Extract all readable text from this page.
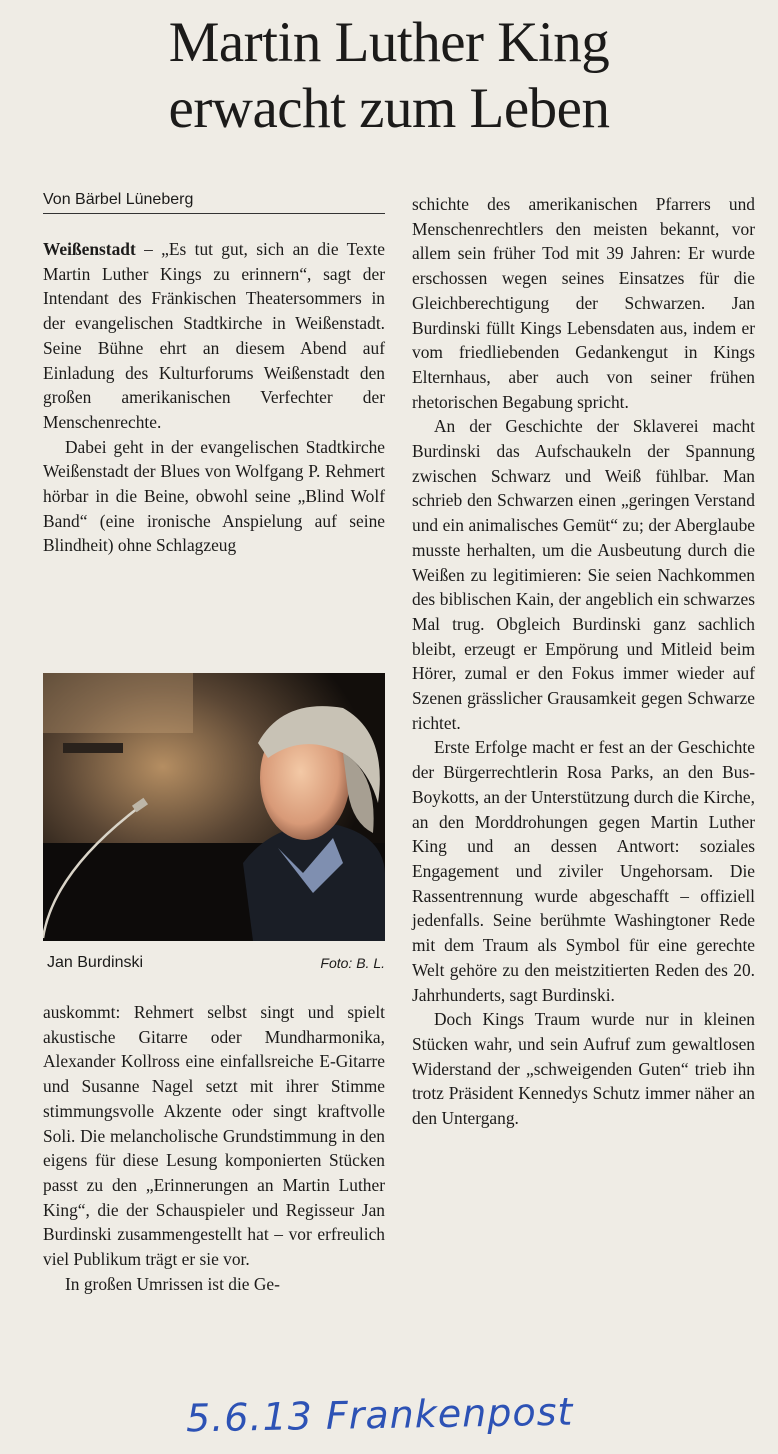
Martin Luther King
erwacht zum Leben
Von Bärbel Lüneberg

Weißenstadt – „Es tut gut, sich an die Texte Martin Luther Kings zu erinnern“, sagt der Intendant des Fränkischen Theatersommers in der evangelischen Stadtkirche in Weißenstadt. Seine Bühne ehrt an diesem Abend auf Einladung des Kulturforums Weißenstadt den großen amerikanischen Verfechter der Menschenrechte.

Dabei geht in der evangelischen Stadtkirche Weißenstadt der Blues von Wolfgang P. Rehmert hörbar in die Beine, obwohl seine „Blind Wolf Band“ (eine ironische Anspielung auf seine Blindheit) ohne Schlagzeug

Jan Burdinski	Foto: B. L.

auskommt: Rehmert selbst singt und spielt akustische Gitarre oder Mundharmonika, Alexander Kollross eine einfallsreiche E-Gitarre und Susanne Nagel setzt mit ihrer Stimme stimmungsvolle Akzente oder singt kraftvolle Soli. Die melancholische Grundstimmung in den eigens für diese Lesung komponierten Stücken passt zu den „Erinnerungen an Martin Luther King“, die der Schauspieler und Regisseur Jan Burdinski zusammengestellt hat – vor erfreulich viel Publikum trägt er sie vor.

In großen Umrissen ist die Ge-

schichte des amerikanischen Pfarrers und Menschenrechtlers den meisten bekannt, vor allem sein früher Tod mit 39 Jahren: Er wurde erschossen wegen seines Einsatzes für die Gleichberechtigung der Schwarzen. Jan Burdinski füllt Kings Lebensdaten aus, indem er vom friedliebenden Gedankengut in Kings Elternhaus, aber auch von seiner frühen rhetorischen Begabung spricht.

An der Geschichte der Sklaverei macht Burdinski das Aufschaukeln der Spannung zwischen Schwarz und Weiß fühlbar. Man schrieb den Schwarzen einen „geringen Verstand und ein animalisches Gemüt“ zu; der Aberglaube musste herhalten, um die Ausbeutung durch die Weißen zu legitimieren: Sie seien Nachkommen des biblischen Kain, der angeblich ein schwarzes Mal trug. Obgleich Burdinski ganz sachlich bleibt, erzeugt er Empörung und Mitleid beim Hörer, zumal er den Fokus immer wieder auf Szenen grässlicher Grausamkeit gegen Schwarze richtet.

Erste Erfolge macht er fest an der Geschichte der Bürgerrechtlerin Rosa Parks, an den Bus-Boykotts, an der Unterstützung durch die Kirche, an den Morddrohungen gegen Martin Luther King und an dessen Antwort: soziales Engagement und ziviler Ungehorsam. Die Rassentrennung wurde abgeschafft – offiziell jedenfalls. Seine berühmte Washingtoner Rede mit dem Traum als Symbol für eine gerechte Welt gehöre zu den meistzitierten Reden des 20. Jahrhunderts, sagt Burdinski.

Doch Kings Traum wurde nur in kleinen Stücken wahr, und sein Aufruf zum gewaltlosen Widerstand der „schweigenden Guten“ trieb ihn trotz Präsident Kennedys Schutz immer näher an den Untergang.

5.6.13 Frankenpost
